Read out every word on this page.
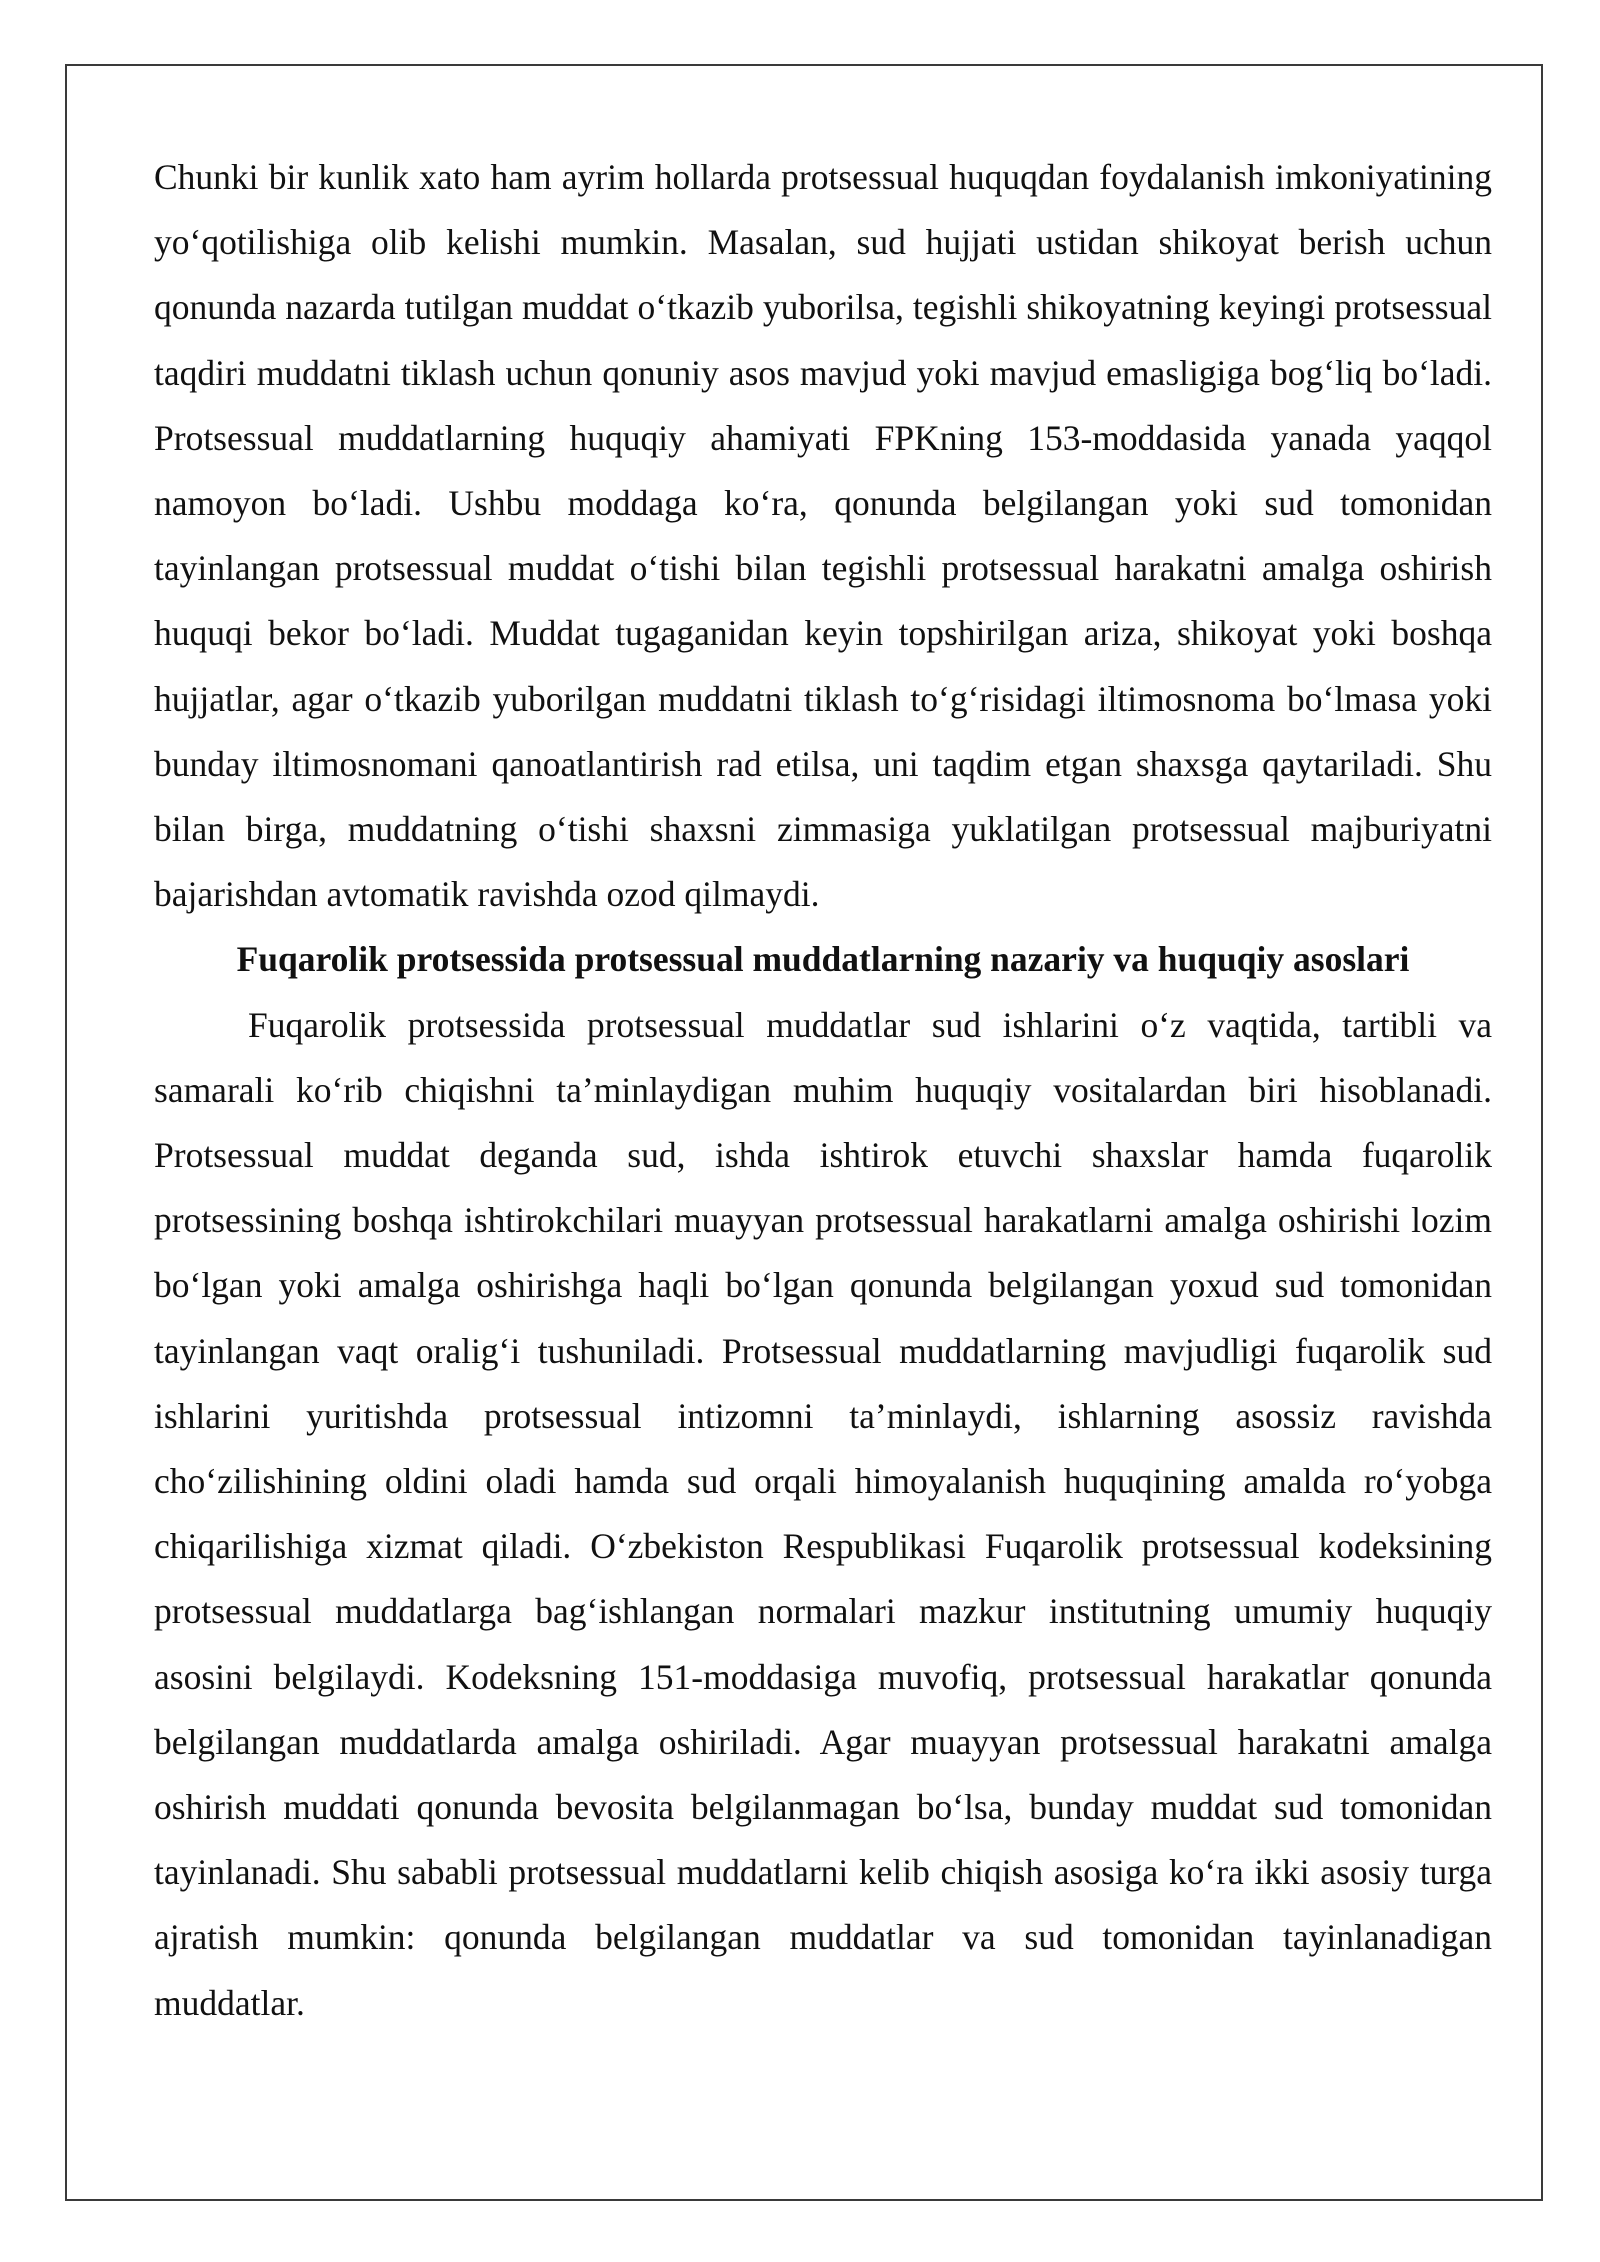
Chunki bir kunlik xato ham ayrim hollarda protsessual huquqdan foydalanish imkoniyatining yo‘qotilishiga olib kelishi mumkin. Masalan, sud hujjati ustidan shikoyat berish uchun qonunda nazarda tutilgan muddat o‘tkazib yuborilsa, tegishli shikoyatning keyingi protsessual taqdiri muddatni tiklash uchun qonuniy asos mavjud yoki mavjud emasligiga bog‘liq bo‘ladi. Protsessual muddatlarning huquqiy ahamiyati FPKning 153-moddasida yanada yaqqol namoyon bo‘ladi. Ushbu moddaga ko‘ra, qonunda belgilangan yoki sud tomonidan tayinlangan protsessual muddat o‘tishi bilan tegishli protsessual harakatni amalga oshirish huquqi bekor bo‘ladi. Muddat tugaganidan keyin topshirilgan ariza, shikoyat yoki boshqa hujjatlar, agar o‘tkazib yuborilgan muddatni tiklash to‘g‘risidagi iltimosnoma bo‘lmasa yoki bunday iltimosnomani qanoatlantirish rad etilsa, uni taqdim etgan shaxsga qaytariladi. Shu bilan birga, muddatning o‘tishi shaxsni zimmasiga yuklatilgan protsessual majburiyatni bajarishdan avtomatik ravishda ozod qilmaydi.

Fuqarolik protsessida protsessual muddatlarning nazariy va huquqiy asoslari

Fuqarolik protsessida protsessual muddatlar sud ishlarini o‘z vaqtida, tartibli va samarali ko‘rib chiqishni ta’minlaydigan muhim huquqiy vositalardan biri hisoblanadi. Protsessual muddat deganda sud, ishda ishtirok etuvchi shaxslar hamda fuqarolik protsessining boshqa ishtirokchilari muayyan protsessual harakatlarni amalga oshirishi lozim bo‘lgan yoki amalga oshirishga haqli bo‘lgan qonunda belgilangan yoxud sud tomonidan tayinlangan vaqt oralig‘i tushuniladi. Protsessual muddatlarning mavjudligi fuqarolik sud ishlarini yuritishda protsessual intizomni ta’minlaydi, ishlarning asossiz ravishda cho‘zilishining oldini oladi hamda sud orqali himoyalanish huquqining amalda ro‘yobga chiqarilishiga xizmat qiladi. O‘zbekiston Respublikasi Fuqarolik protsessual kodeksining protsessual muddatlarga bag‘ishlangan normalari mazkur institutning umumiy huquqiy asosini belgilaydi. Kodeksning 151-moddasiga muvofiq, protsessual harakatlar qonunda belgilangan muddatlarda amalga oshiriladi. Agar muayyan protsessual harakatni amalga oshirish muddati qonunda bevosita belgilanmagan bo‘lsa, bunday muddat sud tomonidan tayinlanadi. Shu sababli protsessual muddatlarni kelib chiqish asosiga ko‘ra ikki asosiy turga ajratish mumkin: qonunda belgilangan muddatlar va sud tomonidan tayinlanadigan muddatlar.
